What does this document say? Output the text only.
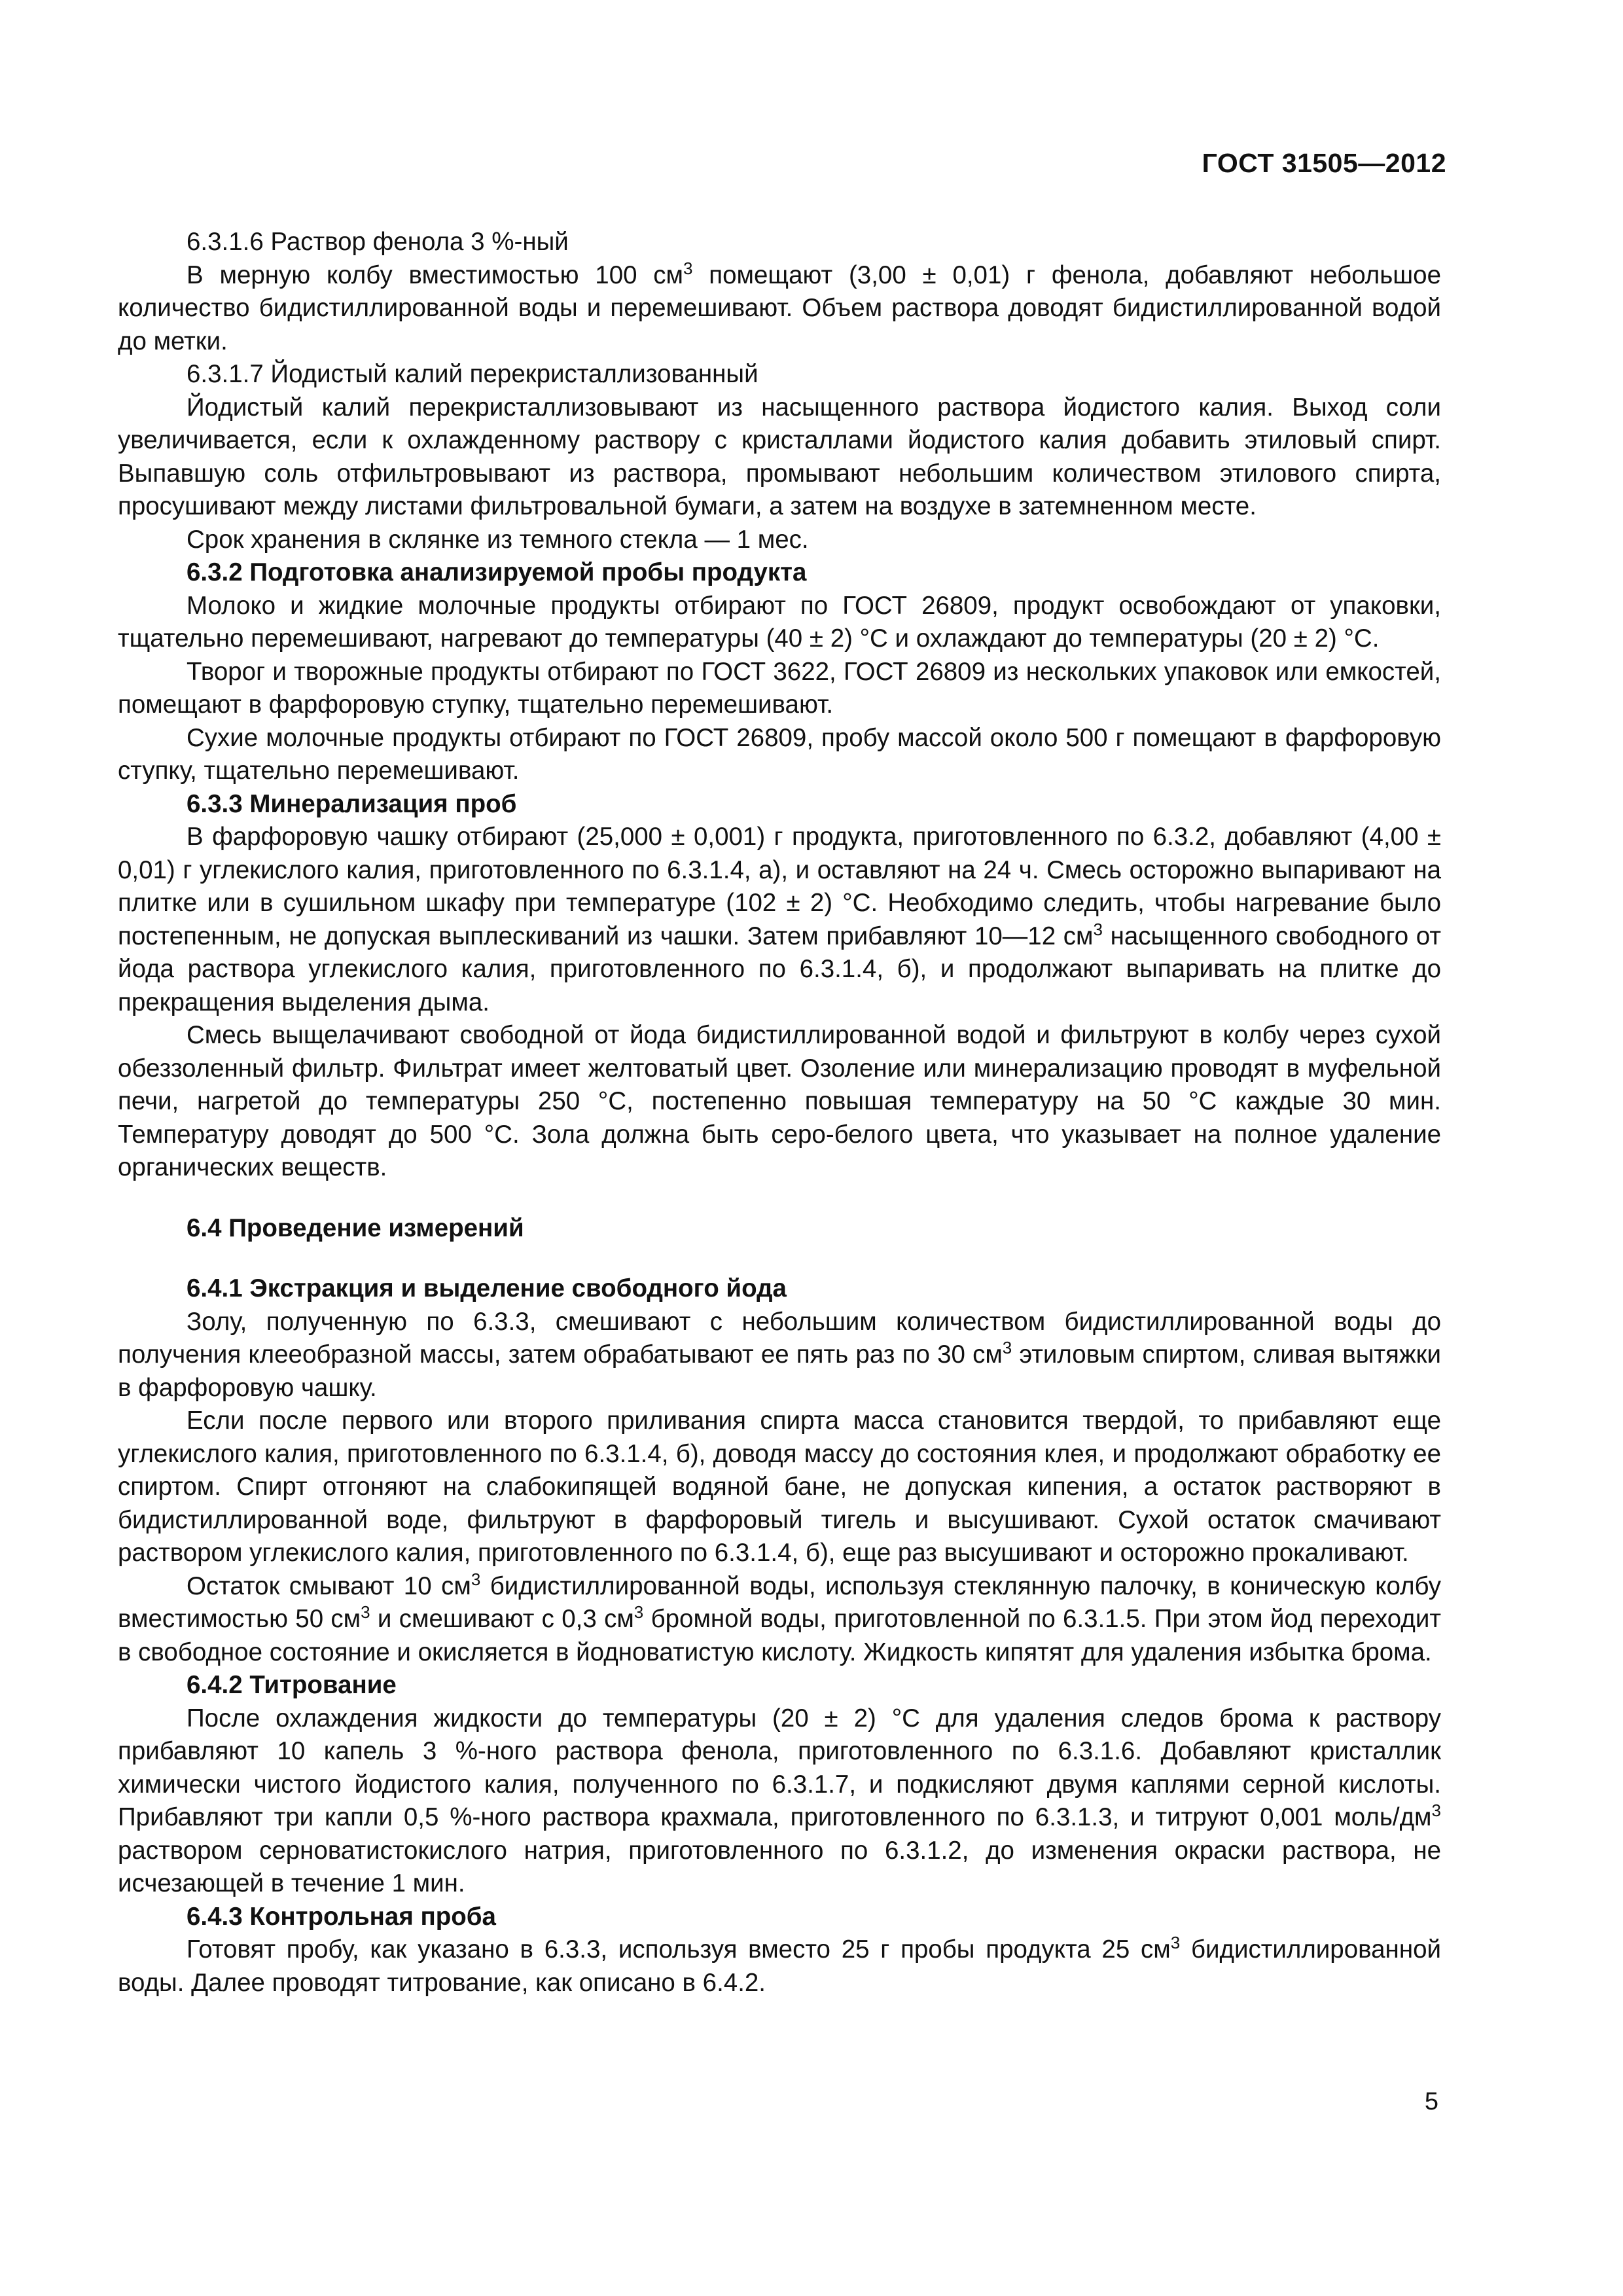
ГОСТ 31505—2012

6.3.1.6 Раствор фенола 3 %-ный

В мерную колбу вместимостью 100 $см^3$ помещают (3,00 ± 0,01) г фенола, добавляют небольшое количество бидистиллированной воды и перемешивают. Объем раствора доводят бидистиллированной водой до метки.

6.3.1.7 Йодистый калий перекристаллизованный

Йодистый калий перекристаллизовывают из насыщенного раствора йодистого калия. Выход соли увеличивается, если к охлажденному раствору с кристаллами йодистого калия добавить этиловый спирт. Выпавшую соль отфильтровывают из раствора, промывают небольшим количеством этилового спирта, просушивают между листами фильтровальной бумаги, а затем на воздухе в затемненном месте.

Срок хранения в склянке из темного стекла — 1 мес.

6.3.2 Подготовка анализируемой пробы продукта

Молоко и жидкие молочные продукты отбирают по ГОСТ 26809, продукт освобождают от упаковки, тщательно перемешивают, нагревают до температуры (40 ± 2) °С и охлаждают до температуры (20 ± 2) °С.

Творог и творожные продукты отбирают по ГОСТ 3622, ГОСТ 26809 из нескольких упаковок или емкостей, помещают в фарфоровую ступку, тщательно перемешивают.

Сухие молочные продукты отбирают по ГОСТ 26809, пробу массой около 500 г помещают в фарфоровую ступку, тщательно перемешивают.

6.3.3 Минерализация проб

В фарфоровую чашку отбирают (25,000 ± 0,001) г продукта, приготовленного по 6.3.2, добавляют (4,00 ± 0,01) г углекислого калия, приготовленного по 6.3.1.4, а), и оставляют на 24 ч. Смесь осторожно выпаривают на плитке или в сушильном шкафу при температуре (102 ± 2) °С. Необходимо следить, чтобы нагревание было постепенным, не допуская выплескиваний из чашки. Затем прибавляют 10—12 $см^3$ насыщенного свободного от йода раствора углекислого калия, приготовленного по 6.3.1.4, б), и продолжают выпаривать на плитке до прекращения выделения дыма.

Смесь выщелачивают свободной от йода бидистиллированной водой и фильтруют в колбу через сухой обеззоленный фильтр. Фильтрат имеет желтоватый цвет. Озоление или минерализацию проводят в муфельной печи, нагретой до температуры 250 °С, постепенно повышая температуру на 50 °С каждые 30 мин. Температуру доводят до 500 °С. Зола должна быть серо-белого цвета, что указывает на полное удаление органических веществ.

6.4 Проведение измерений

6.4.1 Экстракция и выделение свободного йода

Золу, полученную по 6.3.3, смешивают с небольшим количеством бидистиллированной воды до получения клееобразной массы, затем обрабатывают ее пять раз по 30 $см^3$ этиловым спиртом, сливая вытяжки в фарфоровую чашку.

Если после первого или второго приливания спирта масса становится твердой, то прибавляют еще углекислого калия, приготовленного по 6.3.1.4, б), доводя массу до состояния клея, и продолжают обработку ее спиртом. Спирт отгоняют на слабокипящей водяной бане, не допуская кипения, а остаток растворяют в бидистиллированной воде, фильтруют в фарфоровый тигель и высушивают. Сухой остаток смачивают раствором углекислого калия, приготовленного по 6.3.1.4, б), еще раз высушивают и осторожно прокаливают.

Остаток смывают 10 $см^3$ бидистиллированной воды, используя стеклянную палочку, в коническую колбу вместимостью 50 $см^3$ и смешивают с 0,3 $см^3$ бромной воды, приготовленной по 6.3.1.5. При этом йод переходит в свободное состояние и окисляется в йодноватистую кислоту. Жидкость кипятят для удаления избытка брома.

6.4.2 Титрование

После охлаждения жидкости до температуры (20 ± 2) °С для удаления следов брома к раствору прибавляют 10 капель 3 %-ного раствора фенола, приготовленного по 6.3.1.6. Добавляют кристаллик химически чистого йодистого калия, полученного по 6.3.1.7, и подкисляют двумя каплями серной кислоты. Прибавляют три капли 0,5 %-ного раствора крахмала, приготовленного по 6.3.1.3, и титруют 0,001 моль/$дм^3$ раствором серноватистокислого натрия, приготовленного по 6.3.1.2, до изменения окраски раствора, не исчезающей в течение 1 мин.

6.4.3 Контрольная проба

Готовят пробу, как указано в 6.3.3, используя вместо 25 г пробы продукта 25 $см^3$ бидистиллированной воды. Далее проводят титрование, как описано в 6.4.2.

5
